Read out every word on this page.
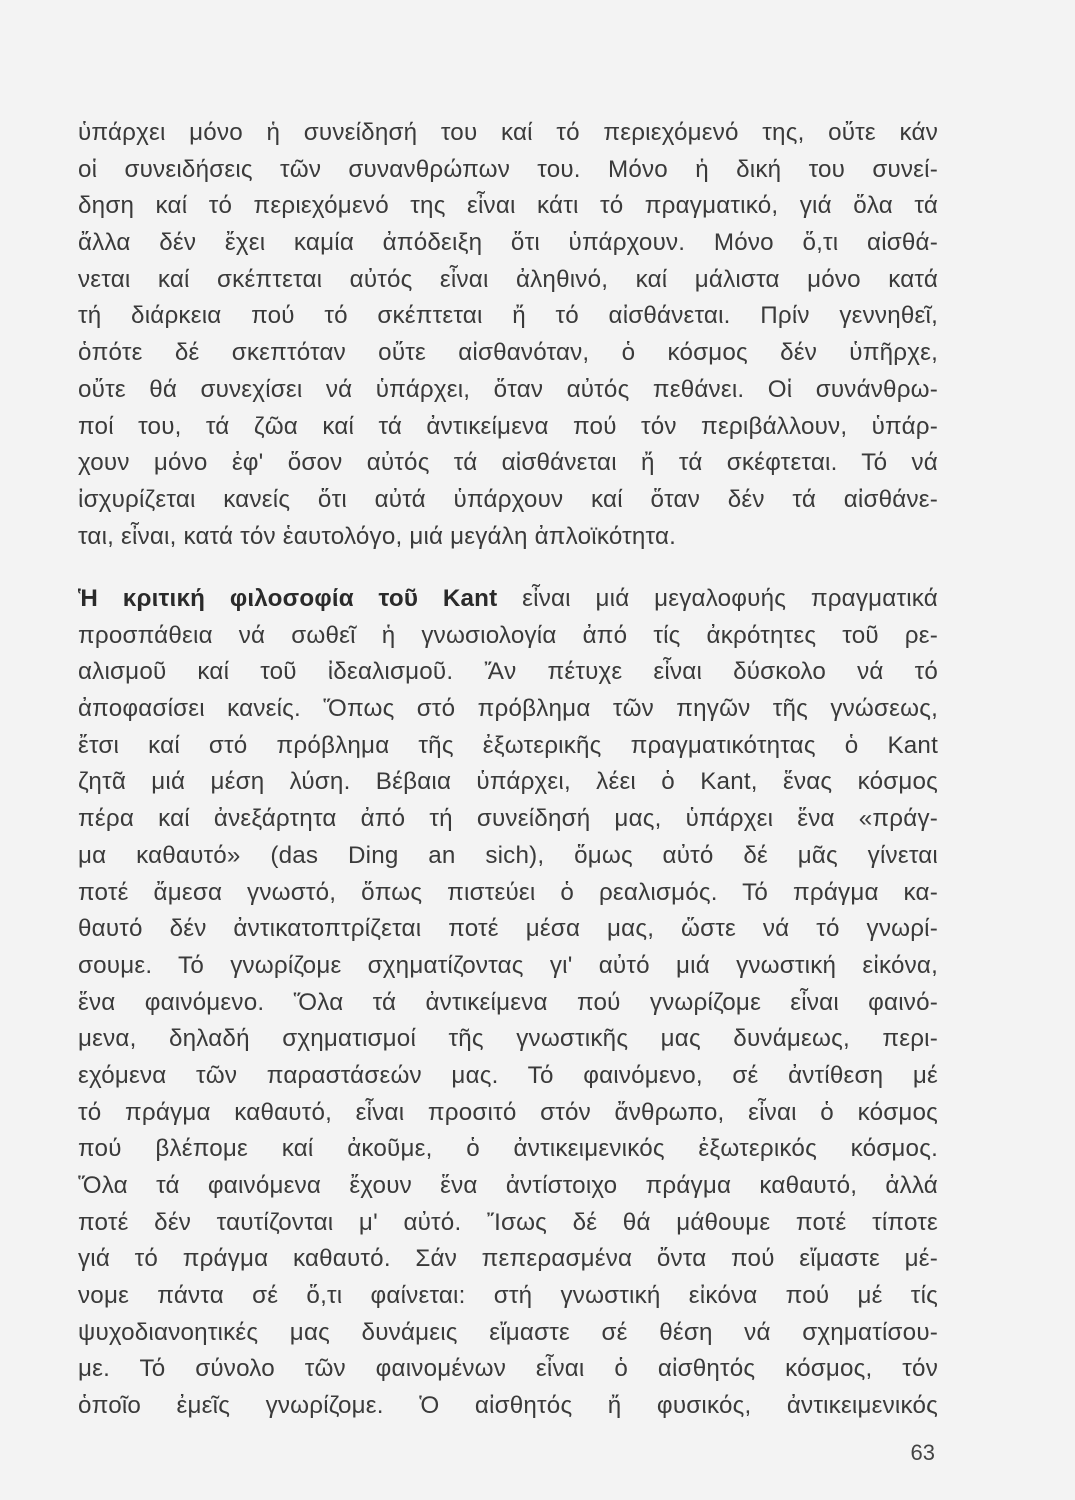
ὑπάρχει μόνο ἡ συνείδησή του καί τό περιεχόμενό της, οὔτε κάν
οἱ συνειδήσεις τῶν συνανθρώπων του. Μόνο ἡ δική του συνεί-
δηση καί τό περιεχόμενό της εἶναι κάτι τό πραγματικό, γιά ὅλα τά
ἄλλα δέν ἔχει καμία ἀπόδειξη ὅτι ὑπάρχουν. Μόνο ὅ,τι αἰσθά-
νεται καί σκέπτεται αὐτός εἶναι ἀληθινό, καί μάλιστα μόνο κατά
τή διάρκεια πού τό σκέπτεται ἤ τό αἰσθάνεται. Πρίν γεννηθεῖ,
ὁπότε δέ σκεπτόταν οὔτε αἰσθανόταν, ὁ κόσμος δέν ὑπῆρχε,
οὔτε θά συνεχίσει νά ὑπάρχει, ὅταν αὐτός πεθάνει. Οἱ συνάνθρω-
ποί του, τά ζῶα καί τά ἀντικείμενα πού τόν περιβάλλουν, ὑπάρ-
χουν μόνο ἐφ' ὅσον αὐτός τά αἰσθάνεται ἤ τά σκέφτεται. Τό νά
ἰσχυρίζεται κανείς ὅτι αὐτά ὑπάρχουν καί ὅταν δέν τά αἰσθάνε-
ται, εἶναι, κατά τόν ἑαυτολόγο, μιά μεγάλη ἀπλοϊκότητα.
Ἡ κριτική φιλοσοφία τοῦ Kant εἶναι μιά μεγαλοφυής πραγματικά
προσπάθεια νά σωθεῖ ἡ γνωσιολογία ἀπό τίς ἀκρότητες τοῦ ρε-
αλισμοῦ καί τοῦ ἰδεαλισμοῦ. Ἄν πέτυχε εἶναι δύσκολο νά τό
ἀποφασίσει κανείς. Ὅπως στό πρόβλημα τῶν πηγῶν τῆς γνώσεως,
ἔτσι καί στό πρόβλημα τῆς ἐξωτερικῆς πραγματικότητας ὁ Kant
ζητᾶ μιά μέση λύση. Βέβαια ὑπάρχει, λέει ὁ Kant, ἕνας κόσμος
πέρα καί ἀνεξάρτητα ἀπό τή συνείδησή μας, ὑπάρχει ἕνα «πράγ-
μα καθαυτό» (das Ding an sich), ὅμως αὐτό δέ μᾶς γίνεται
ποτέ ἄμεσα γνωστό, ὅπως πιστεύει ὁ ρεαλισμός. Τό πράγμα κα-
θαυτό δέν ἀντικατοπτρίζεται ποτέ μέσα μας, ὥστε νά τό γνωρί-
σουμε. Τό γνωρίζομε σχηματίζοντας γι' αὐτό μιά γνωστική εἰκόνα,
ἕνα φαινόμενο. Ὅλα τά ἀντικείμενα πού γνωρίζομε εἶναι φαινό-
μενα, δηλαδή σχηματισμοί τῆς γνωστικῆς μας δυνάμεως, περι-
εχόμενα τῶν παραστάσεών μας. Τό φαινόμενο, σέ ἀντίθεση μέ
τό πράγμα καθαυτό, εἶναι προσιτό στόν ἄνθρωπο, εἶναι ὁ κόσμος
πού βλέπομε καί ἀκοῦμε, ὁ ἀντικειμενικός ἐξωτερικός κόσμος.
Ὅλα τά φαινόμενα ἔχουν ἕνα ἀντίστοιχο πράγμα καθαυτό, ἀλλά
ποτέ δέν ταυτίζονται μ' αὐτό. Ἴσως δέ θά μάθουμε ποτέ τίποτε
γιά τό πράγμα καθαυτό. Σάν πεπερασμένα ὄντα πού εἴμαστε μέ-
νομε πάντα σέ ὅ,τι φαίνεται: στή γνωστική εἰκόνα πού μέ τίς
ψυχοδιανοητικές μας δυνάμεις εἴμαστε σέ θέση νά σχηματίσου-
με. Τό σύνολο τῶν φαινομένων εἶναι ὁ αἰσθητός κόσμος, τόν
ὁποῖο ἐμεῖς γνωρίζομε. Ὁ αἰσθητός ἤ φυσικός, ἀντικειμενικός
63
